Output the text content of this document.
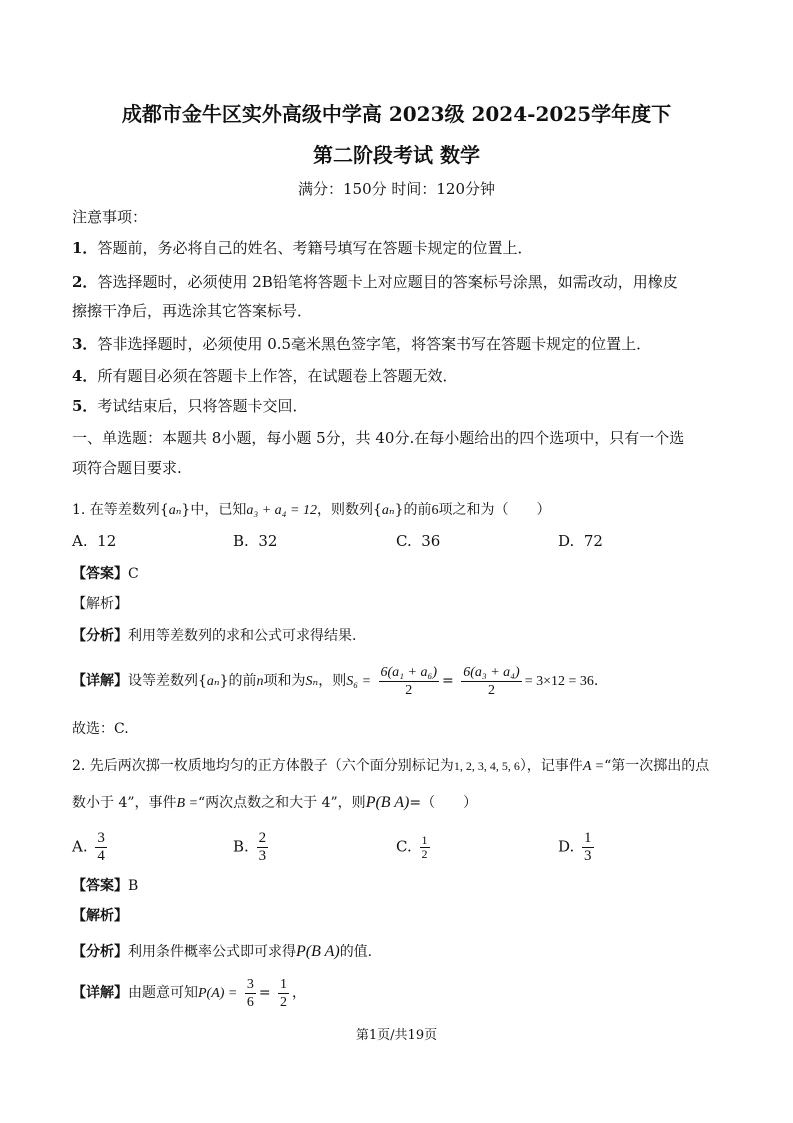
成都市金牛区实外高级中学高 2023级 2024-2025学年度下
第二阶段考试 数学
满分：150分 时间：120分钟
注意事项：
1．答题前，务必将自己的姓名、考籍号填写在答题卡规定的位置上．
2．答选择题时，必须使用 2B铅笔将答题卡上对应题目的答案标号涂黑，如需改动，用橡皮
擦擦干净后，再选涂其它答案标号．
3．答非选择题时，必须使用 0.5毫米黑色签字笔，将答案书写在答题卡规定的位置上．
4．所有题目必须在答题卡上作答，在试题卷上答题无效．
5．考试结束后，只将答题卡交回．
一、单选题：本题共 8小题，每小题 5分，共 40分.在每小题给出的四个选项中，只有一个选
项符合题目要求.
1. 在等差数列{aₙ}中，已知a₃ + a₄ = 12，则数列{aₙ}的前6项之和为（　　）
A. 12	B. 32	C. 36	D. 72
【答案】C
【解析】
【分析】利用等差数列的求和公式可求得结果.
【详解】设等差数列{aₙ}的前n项和为Sₙ，则$S_6 = \frac{\text{6(a₁ + a₆)}}{2} = \frac{\text{6(a₃ + a₄)}}{2} = 3\times 12 = 36$.
故选：C.
2. 先后两次掷一枚质地均匀的正方体骰子（六个面分别标记为1, 2, 3, 4, 5, 6），记事件A =“第一次掷出的点
数小于 4”，事件B =“两次点数之和大于 4”，则P(B A)=（　　）
A. $\frac{3}{4}$	B. $\frac{2}{3}$	C. $\frac{1}{2}$	D. $\frac{1}{3}$
【答案】B
【解析】
【分析】利用条件概率公式即可求得P(B A)的值.
【详解】由题意可知$P(A) = \frac{3}{6} = \frac{1}{2}$ ，
第1页/共19页
